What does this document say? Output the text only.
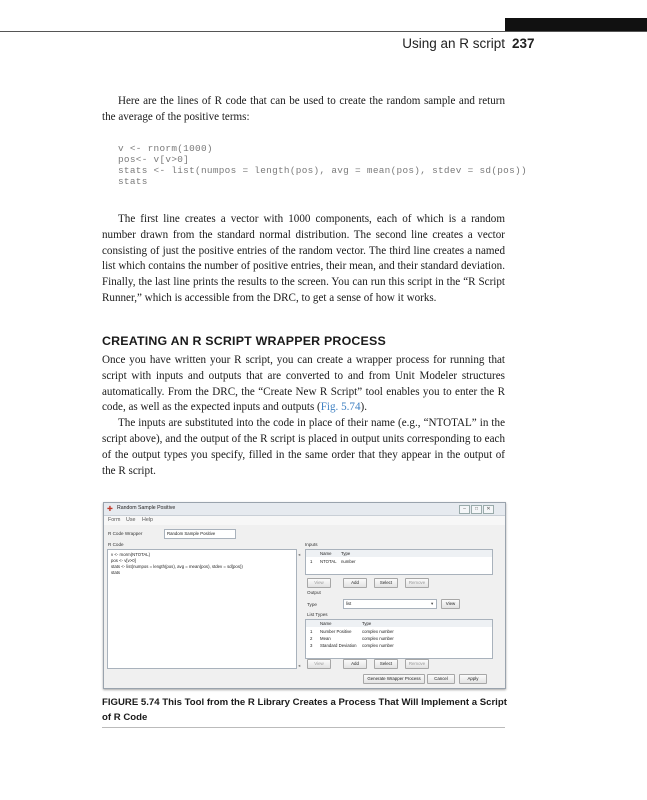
Using an R script 237

Here are the lines of R code that can be used to create the random sample and return the average of the positive terms:

v <- rnorm(1000)
pos<- v[v>0]
stats <- list(numpos = length(pos), avg = mean(pos), stdev = sd(pos))
stats

The first line creates a vector with 1000 components, each of which is a random number drawn from the standard normal distribution. The second line creates a vector consisting of just the positive entries of the random vector. The third line creates a named list which contains the number of positive entries, their mean, and their standard deviation. Finally, the last line prints the results to the screen. You can run this script in the “R Script Runner,” which is accessible from the DRC, to get a sense of how it works.

CREATING AN R SCRIPT WRAPPER PROCESS

Once you have written your R script, you can create a wrapper process for running that script with inputs and outputs that are converted to and from Unit Modeler structures automatically. From the DRC, the “Create New R Script” tool enables you to enter the R code, as well as the expected inputs and outputs (Fig. 5.74).

The inputs are substituted into the code in place of their name (e.g., “NTOTAL” in the script above), and the output of the R script is placed in output units corresponding to each of the output types you specify, filled in the same order that they appear in the output of the R script.

✚ Random Sample Positive	–	□	✕
Form Use Help
R Code Wrapper	Random Sample Positive
R Code
v <- rnorm(NTOTAL)
pos <- v[v>0]
stats <- list(numpos = length(pos), avg = mean(pos), stdev = sd(pos))
stats
◂
◂
Inputs
Name Type
1 NTOTAL number
View	Add	Select	Remove
Output
Type	list	▾	View
List Types
Name	Type
1 Number Positive complex number
2 Mean	complex number
3 Standard Deviation complex number
View	Add	Select	Remove
Generate Wrapper Process	Cancel	Apply
FIGURE 5.74 This Tool from the R Library Creates a Process That Will Implement a Script of R Code
